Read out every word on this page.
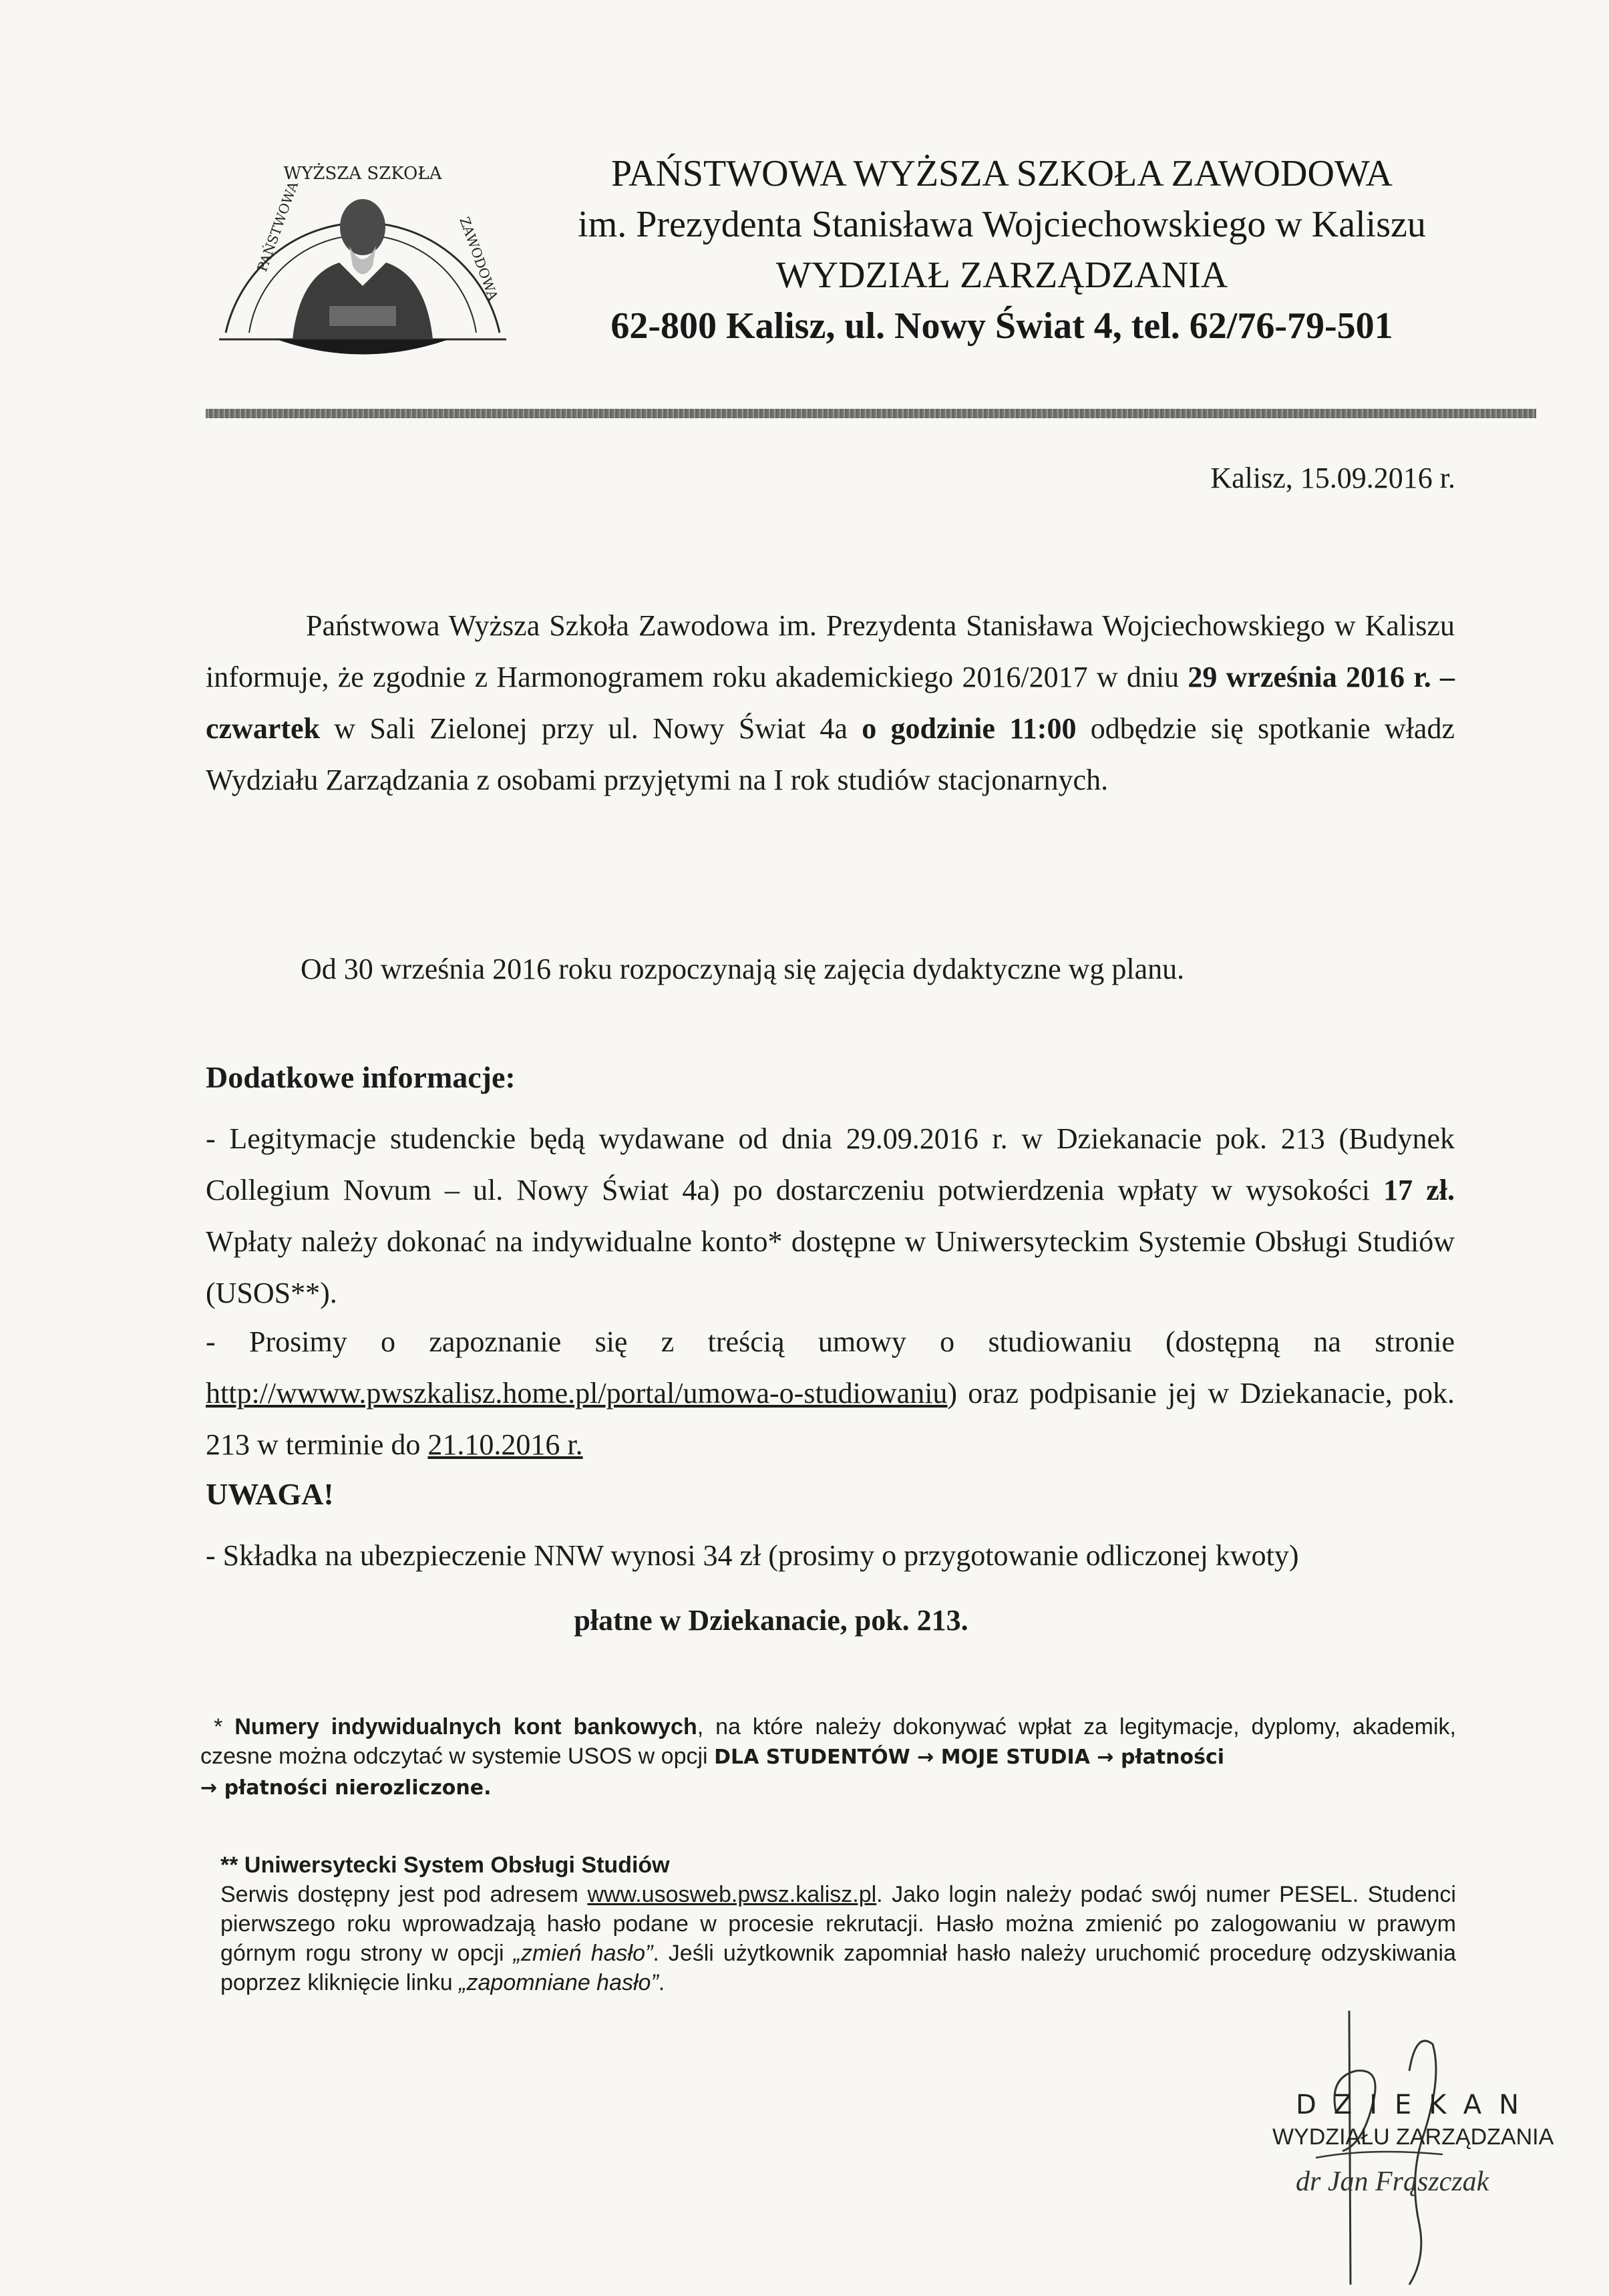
WYŻSZA SZKOŁA
PAŃSTWOWA	ZAWODOWA
PAŃSTWOWA WYŻSZA SZKOŁA ZAWODOWA
im. Prezydenta Stanisława Wojciechowskiego w Kaliszu
WYDZIAŁ ZARZĄDZANIA
62-800 Kalisz, ul. Nowy Świat 4, tel. 62/76-79-501
Kalisz, 15.09.2016 r.
Państwowa Wyższa Szkoła Zawodowa im. Prezydenta Stanisława Wojciechowskiego w Kaliszu informuje, że zgodnie z Harmonogramem roku akademickiego 2016/2017 w dniu 29 września 2016 r. – czwartek w Sali Zielonej przy ul. Nowy Świat 4a o godzinie 11:00 odbędzie się spotkanie władz Wydziału Zarządzania z osobami przyjętymi na I rok studiów stacjonarnych.
Od 30 września 2016 roku rozpoczynają się zajęcia dydaktyczne wg planu.
Dodatkowe informacje:
- Legitymacje studenckie będą wydawane od dnia 29.09.2016 r. w Dziekanacie pok. 213 (Budynek Collegium Novum – ul. Nowy Świat 4a) po dostarczeniu potwierdzenia wpłaty w wysokości 17 zł. Wpłaty należy dokonać na indywidualne konto* dostępne w Uniwersyteckim Systemie Obsługi Studiów (USOS**).
- Prosimy o zapoznanie się z treścią umowy o studiowaniu (dostępną na stronie http://wwww.pwszkalisz.home.pl/portal/umowa-o-studiowaniu) oraz podpisanie jej w Dziekanacie, pok. 213 w terminie do 21.10.2016 r.
UWAGA!
- Składka na ubezpieczenie NNW wynosi 34 zł (prosimy o przygotowanie odliczonej kwoty)
płatne w Dziekanacie, pok. 213.
* Numery indywidualnych kont bankowych, na które należy dokonywać wpłat za legitymacje, dyplomy, akademik, czesne można odczytać w systemie USOS w opcji DLA STUDENTÓW → MOJE STUDIA → płatności
→ płatności nierozliczone.
** Uniwersytecki System Obsługi Studiów
Serwis dostępny jest pod adresem www.usosweb.pwsz.kalisz.pl. Jako login należy podać swój numer PESEL. Studenci pierwszego roku wprowadzają hasło podane w procesie rekrutacji. Hasło można zmienić po zalogowaniu w prawym górnym rogu strony w opcji „zmień hasło”. Jeśli użytkownik zapomniał hasło należy uruchomić procedurę odzyskiwania poprzez kliknięcie linku „zapomniane hasło”.
DZIEKAN
WYDZIAŁU ZARZĄDZANIA
dr Jan Frąszczak
